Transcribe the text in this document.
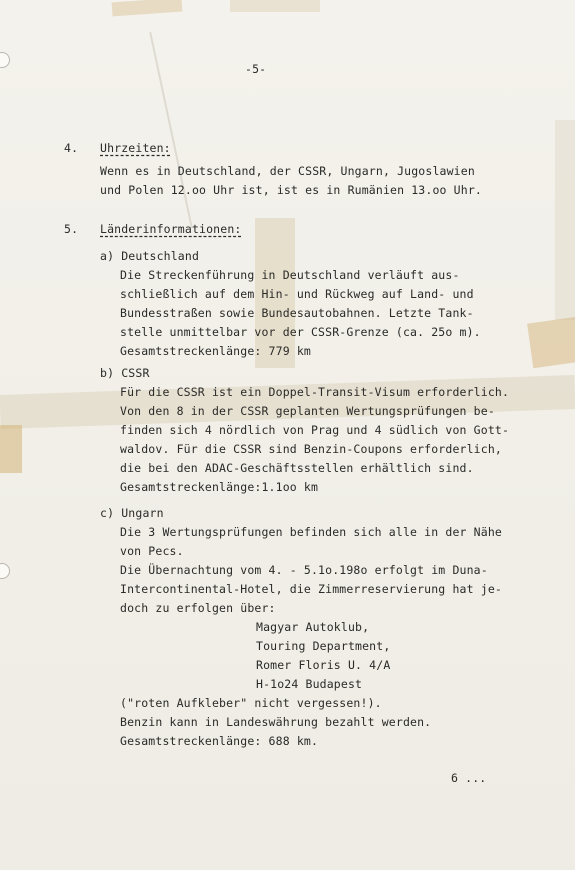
-5-
4. Uhrzeiten:
Wenn es in Deutschland, der CSSR, Ungarn, Jugoslawien
und Polen 12.oo Uhr ist, ist es in Rumänien 13.oo Uhr.
5. Länderinformationen:
a) Deutschland
Die Streckenführung in Deutschland verläuft aus-
schließlich auf dem Hin- und Rückweg auf Land- und
Bundesstraßen sowie Bundesautobahnen. Letzte Tank-
stelle unmittelbar vor der CSSR-Grenze (ca. 25o m).
Gesamtstreckenlänge: 779 km
b) CSSR
Für die CSSR ist ein Doppel-Transit-Visum erforderlich.
Von den 8 in der CSSR geplanten Wertungsprüfungen be-
finden sich 4 nördlich von Prag und 4 südlich von Gott-
waldov. Für die CSSR sind Benzin-Coupons erforderlich,
die bei den ADAC-Geschäftsstellen erhältlich sind.
Gesamtstreckenlänge:1.1oo km
c) Ungarn
Die 3 Wertungsprüfungen befinden sich alle in der Nähe
von Pecs.
Die Übernachtung vom 4. - 5.1o.198o erfolgt im Duna-
Intercontinental-Hotel, die Zimmerreservierung hat je-
doch zu erfolgen über:
Magyar Autoklub,
Touring Department,
Romer Floris U. 4/A
H-1o24 Budapest
("roten Aufkleber" nicht vergessen!).
Benzin kann in Landeswährung bezahlt werden.
Gesamtstreckenlänge: 688 km.
6 ...
